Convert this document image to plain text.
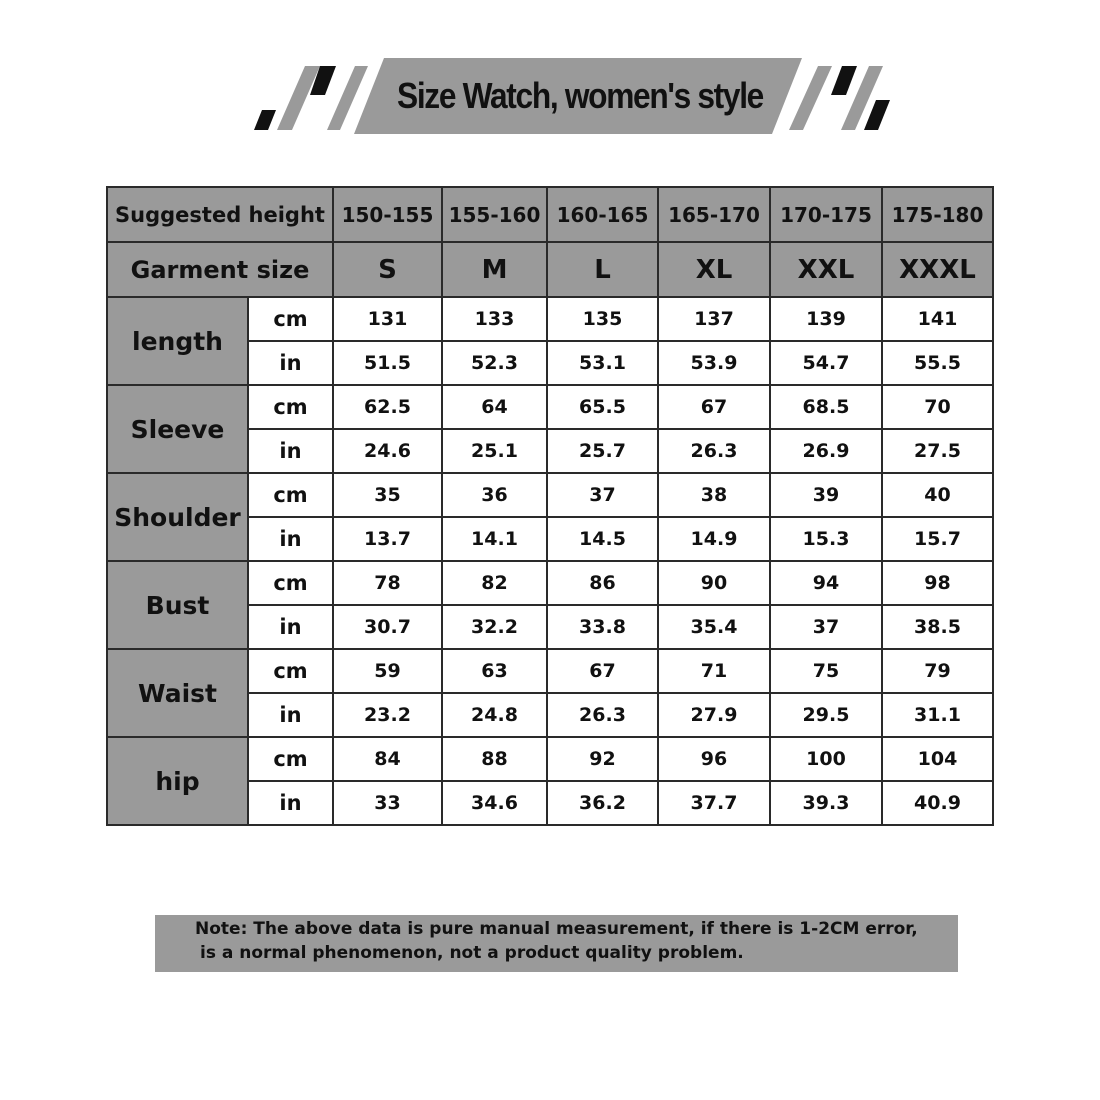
Size Watch, women's style
Suggested height		150-155	155-160	160-165	165-170	170-175	175-180
Garment size		S	M	L	XL	XXL	XXXL
length	cm	131	133	135	137	139	141
	in	51.5	52.3	53.1	53.9	54.7	55.5
Sleeve	cm	62.5	64	65.5	67	68.5	70
	in	24.6	25.1	25.7	26.3	26.9	27.5
Shoulder	cm	35	36	37	38	39	40
	in	13.7	14.1	14.5	14.9	15.3	15.7
Bust	cm	78	82	86	90	94	98
	in	30.7	32.2	33.8	35.4	37	38.5
Waist	cm	59	63	67	71	75	79
	in	23.2	24.8	26.3	27.9	29.5	31.1
hip	cm	84	88	92	96	100	104
	in	33	34.6	36.2	37.7	39.3	40.9
Note: The above data is pure manual measurement, if there is 1-2CM error,
is a normal phenomenon, not a product quality problem.
